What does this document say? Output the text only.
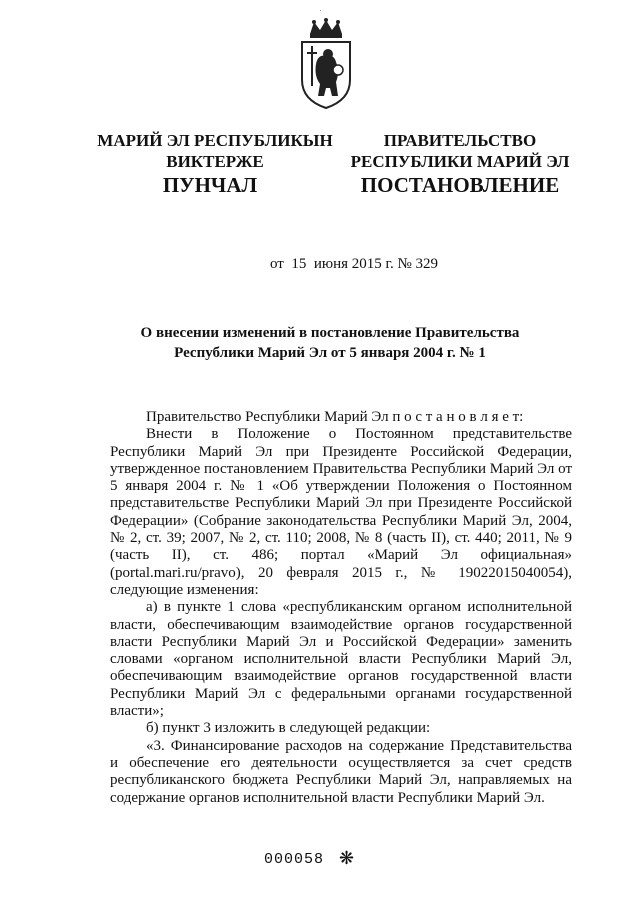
МАРИЙ ЭЛ РЕСПУБЛИКЫН
ВИКТЕРЖЕ
ПРАВИТЕЛЬСТВО
РЕСПУБЛИКИ МАРИЙ ЭЛ
ПУНЧАЛ	ПОСТАНОВЛЕНИЕ
от 15 июня 2015 г. № 329
О внесении изменений в постановление Правительства
Республики Марий Эл от 5 января 2004 г. № 1

Правительство Республики Марий Эл п о с т а н о в л я е т:

Внести в Положение о Постоянном представительстве Республики Марий Эл при Президенте Российской Федерации, утвержденное постановлением Правительства Республики Марий Эл от 5 января 2004 г. № 1 «Об утверждении Положения о Постоянном представительстве Республики Марий Эл при Президенте Российской Федерации» (Собрание законодательства Республики Марий Эл, 2004, № 2, ст. 39; 2007, № 2, ст. 110; 2008, № 8 (часть II), ст. 440; 2011, № 9 (часть II), ст. 486; портал «Марий Эл официальная» (portal.mari.ru/pravo), 20 февраля 2015 г., № 19022015040054), следующие изменения:

а) в пункте 1 слова «республиканским органом исполнительной власти, обеспечивающим взаимодействие органов государственной власти Республики Марий Эл и Российской Федерации» заменить словами «органом исполнительной власти Республики Марий Эл, обеспечивающим взаимодействие органов государственной власти Республики Марий Эл с федеральными органами государственной власти»;

б) пункт 3 изложить в следующей редакции:

«3. Финансирование расходов на содержание Представительства и обеспечение его деятельности осуществляется за счет средств республиканского бюджета Республики Марий Эл, направляемых на содержание органов исполнительной власти Республики Марий Эл.

000058 ❋
